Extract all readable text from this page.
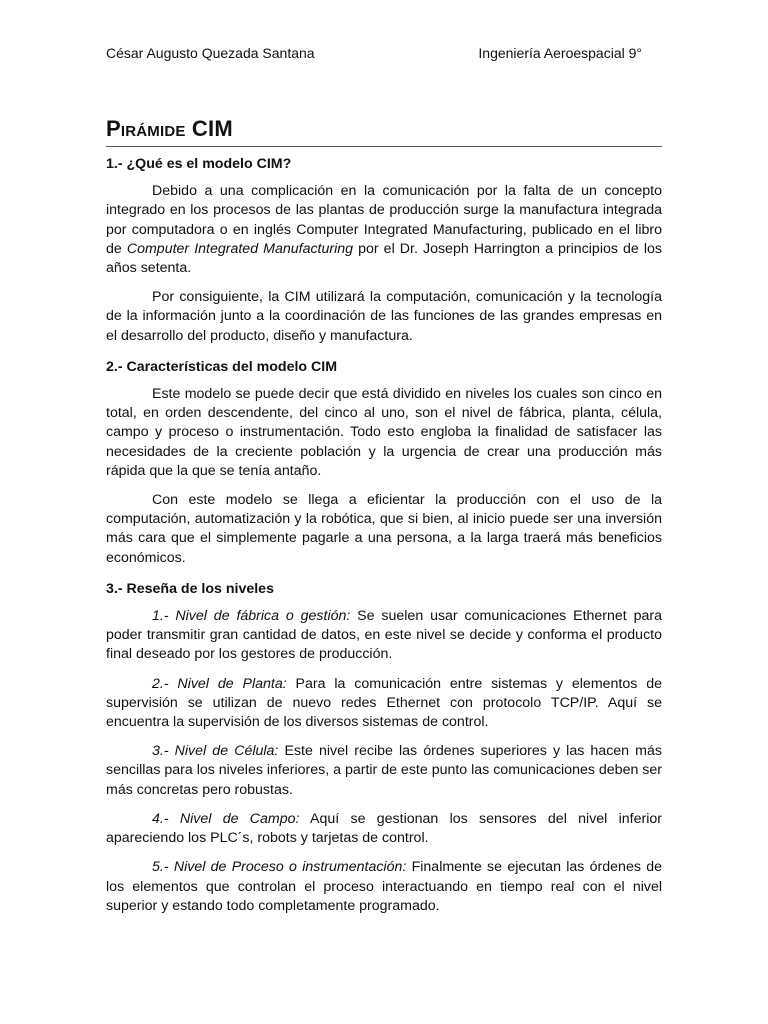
César Augusto Quezada Santana	Ingeniería Aeroespacial 9°
Pirámide CIM
1.- ¿Qué es el modelo CIM?

Debido a una complicación en la comunicación por la falta de un concepto integrado en los procesos de las plantas de producción surge la manufactura integrada por computadora o en inglés Computer Integrated Manufacturing, publicado en el libro de Computer Integrated Manufacturing por el Dr. Joseph Harrington a principios de los años setenta.

Por consiguiente, la CIM utilizará la computación, comunicación y la tecnología de la información junto a la coordinación de las funciones de las grandes empresas en el desarrollo del producto, diseño y manufactura.

2.- Características del modelo CIM

Este modelo se puede decir que está dividido en niveles los cuales son cinco en total, en orden descendente, del cinco al uno, son el nivel de fábrica, planta, célula, campo y proceso o instrumentación. Todo esto engloba la finalidad de satisfacer las necesidades de la creciente población y la urgencia de crear una producción más rápida que la que se tenía antaño.

Con este modelo se llega a eficientar la producción con el uso de la computación, automatización y la robótica, que si bien, al inicio puede ser una inversión más cara que el simplemente pagarle a una persona, a la larga traerá más beneficios económicos.

3.- Reseña de los niveles

1.- Nivel de fábrica o gestión: Se suelen usar comunicaciones Ethernet para poder transmitir gran cantidad de datos, en este nivel se decide y conforma el producto final deseado por los gestores de producción.

2.- Nivel de Planta: Para la comunicación entre sistemas y elementos de supervisión se utilizan de nuevo redes Ethernet con protocolo TCP/IP. Aquí se encuentra la supervisión de los diversos sistemas de control.

3.- Nivel de Célula: Este nivel recibe las órdenes superiores y las hacen más sencillas para los niveles inferiores, a partir de este punto las comunicaciones deben ser más concretas pero robustas.

4.- Nivel de Campo: Aquí se gestionan los sensores del nivel inferior apareciendo los PLC´s, robots y tarjetas de control.

5.- Nivel de Proceso o instrumentación: Finalmente se ejecutan las órdenes de los elementos que controlan el proceso interactuando en tiempo real con el nivel superior y estando todo completamente programado.
